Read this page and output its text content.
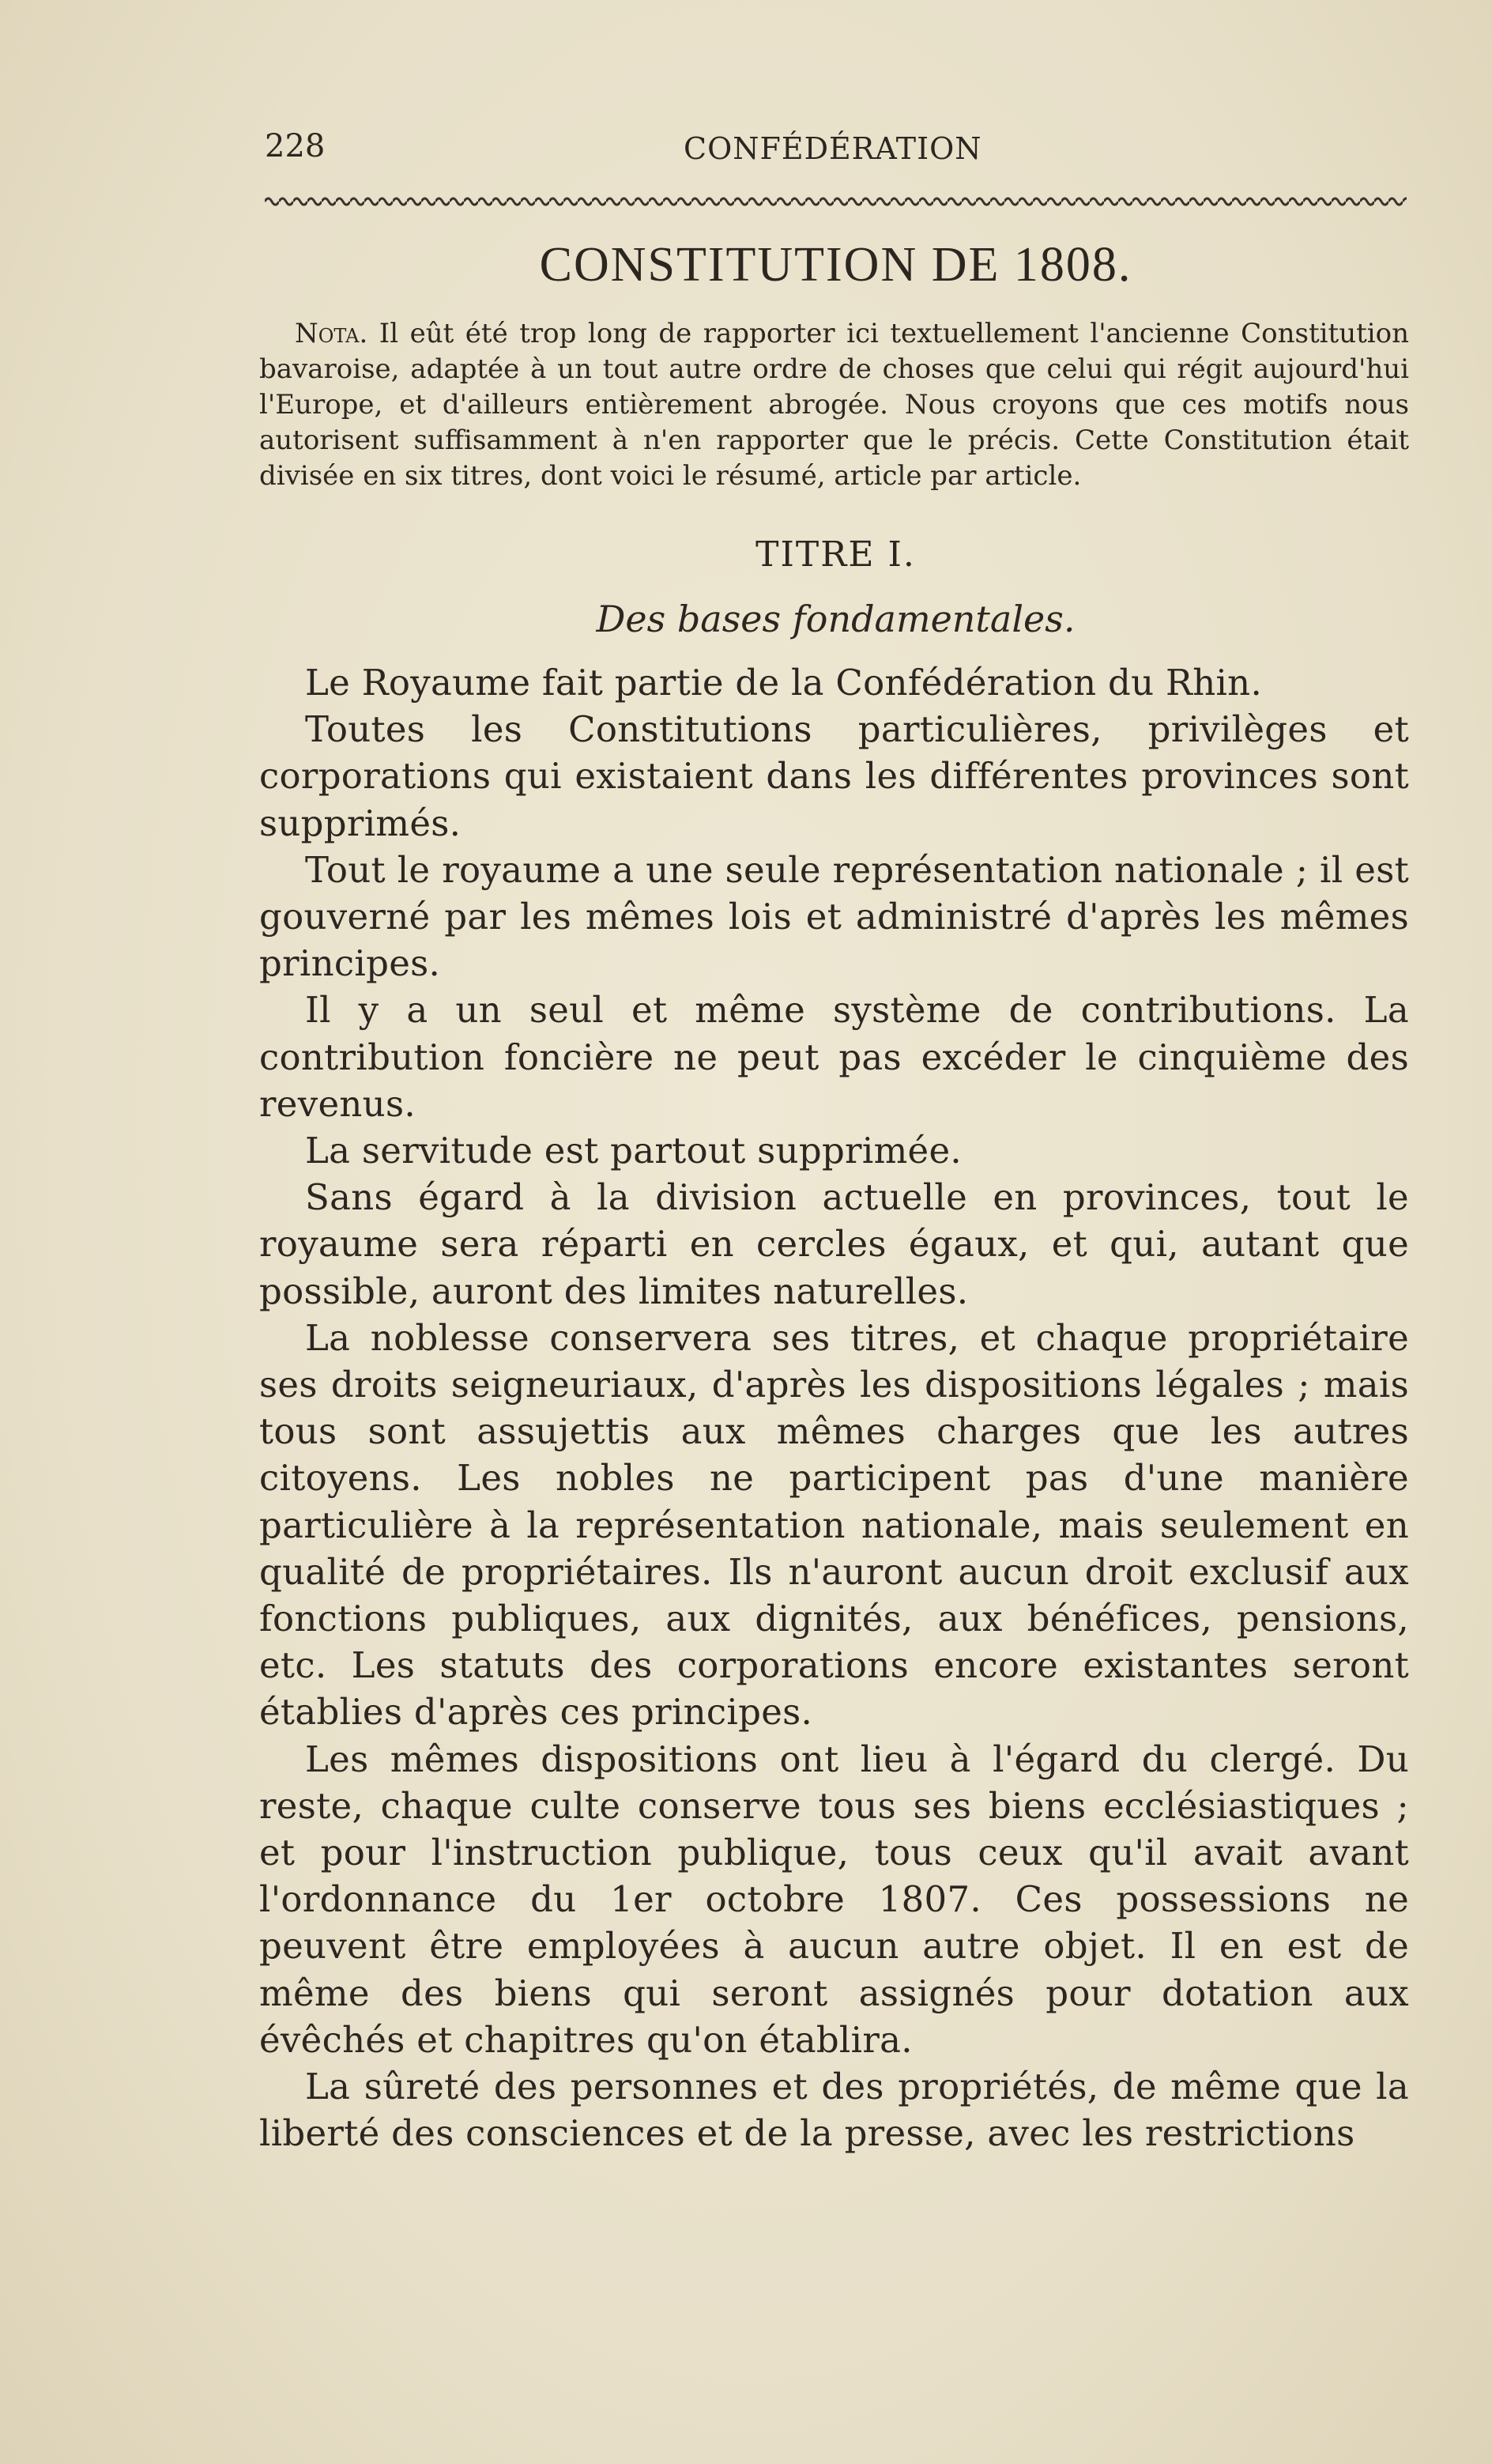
228	CONFÉDÉRATION
CONSTITUTION DE 1808.
Nota. Il eût été trop long de rapporter ici textuellement l'ancienne Constitution bavaroise, adaptée à un tout autre ordre de choses que celui qui régit aujourd'hui l'Europe, et d'ailleurs entièrement abrogée. Nous croyons que ces motifs nous autorisent suffisamment à n'en rapporter que le précis. Cette Constitution était divisée en six titres, dont voici le résumé, article par article.
TITRE I.
Des bases fondamentales.

Le Royaume fait partie de la Confédération du Rhin.

Toutes les Constitutions particulières, privilèges et corporations qui existaient dans les différentes provinces sont supprimés.

Tout le royaume a une seule représentation nationale ; il est gouverné par les mêmes lois et administré d'après les mêmes principes.

Il y a un seul et même système de contributions. La contribution foncière ne peut pas excéder le cinquième des revenus.

La servitude est partout supprimée.

Sans égard à la division actuelle en provinces, tout le royaume sera réparti en cercles égaux, et qui, autant que possible, auront des limites naturelles.

La noblesse conservera ses titres, et chaque propriétaire ses droits seigneuriaux, d'après les dispositions légales ; mais tous sont assujettis aux mêmes charges que les autres citoyens. Les nobles ne participent pas d'une manière particulière à la représentation nationale, mais seulement en qualité de propriétaires. Ils n'auront aucun droit exclusif aux fonctions publiques, aux dignités, aux bénéfices, pensions, etc. Les statuts des corporations encore existantes seront établies d'après ces principes.

Les mêmes dispositions ont lieu à l'égard du clergé. Du reste, chaque culte conserve tous ses biens ecclésiastiques ; et pour l'instruction publique, tous ceux qu'il avait avant l'ordonnance du 1er octobre 1807. Ces possessions ne peuvent être employées à aucun autre objet. Il en est de même des biens qui seront assignés pour dotation aux évêchés et chapitres qu'on établira.

La sûreté des personnes et des propriétés, de même que la liberté des consciences et de la presse, avec les restrictions
